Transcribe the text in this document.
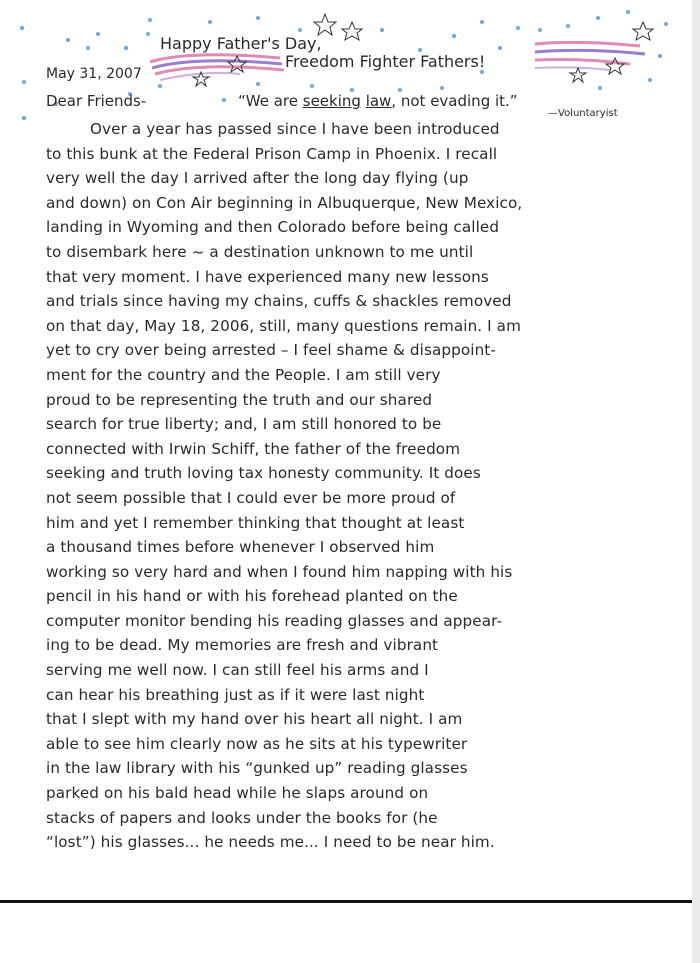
Happy Father's Day,
Freedom Fighter Fathers!
May 31, 2007
Dear Friends-	“We are seeking law, not evading it.”
—Voluntaryist
Over a year has passed since I have been introduced
to this bunk at the Federal Prison Camp in Phoenix. I recall
very well the day I arrived after the long day flying (up
and down) on Con Air beginning in Albuquerque, New Mexico,
landing in Wyoming and then Colorado before being called
to disembark here ~ a destination unknown to me until
that very moment. I have experienced many new lessons
and trials since having my chains, cuffs & shackles removed
on that day, May 18, 2006, still, many questions remain. I am
yet to cry over being arrested – I feel shame & disappoint-
ment for the country and the People. I am still very
proud to be representing the truth and our shared
search for true liberty; and, I am still honored to be
connected with Irwin Schiff, the father of the freedom
seeking and truth loving tax honesty community. It does
not seem possible that I could ever be more proud of
him and yet I remember thinking that thought at least
a thousand times before whenever I observed him
working so very hard and when I found him napping with his
pencil in his hand or with his forehead planted on the
computer monitor bending his reading glasses and appear-
ing to be dead. My memories are fresh and vibrant
serving me well now. I can still feel his arms and I
can hear his breathing just as if it were last night
that I slept with my hand over his heart all night. I am
able to see him clearly now as he sits at his typewriter
in the law library with his “gunked up” reading glasses
parked on his bald head while he slaps around on
stacks of papers and looks under the books for (he
“lost”) his glasses... he needs me... I need to be near him.
